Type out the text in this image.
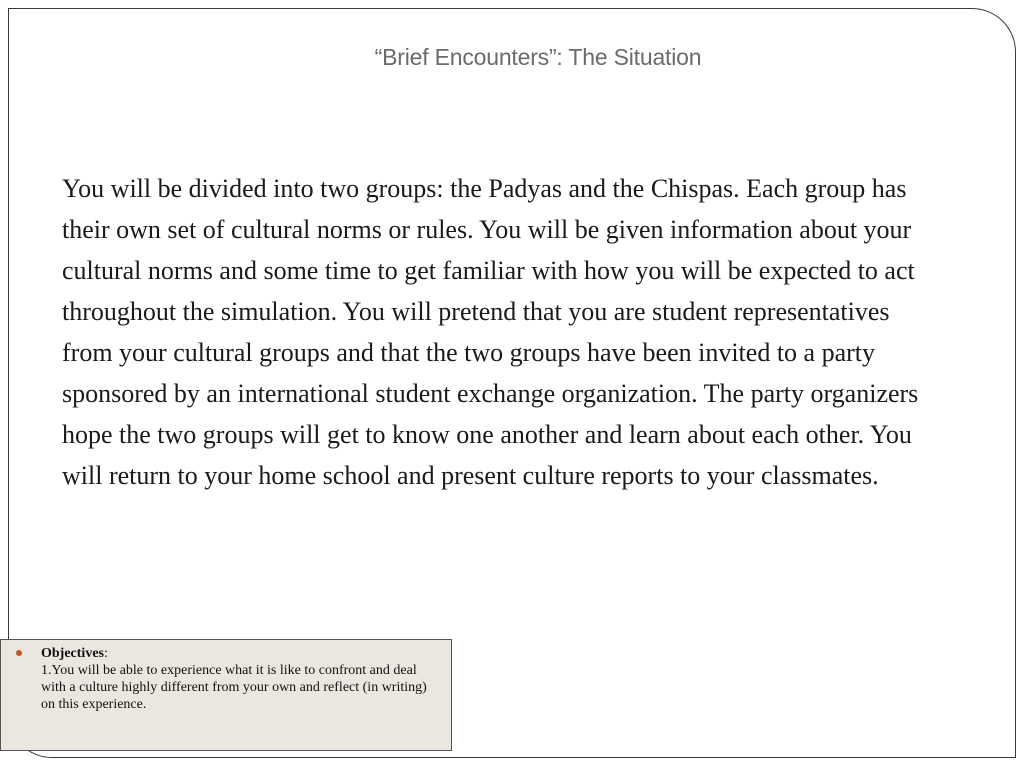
“Brief Encounters”: The Situation

You will be divided into two groups: the Padyas and the Chispas. Each group has their own set of cultural norms or rules. You will be given information about your cultural norms and some time to get familiar with how you will be expected to act throughout the simulation. You will pretend that you are student representatives from your cultural groups and that the two groups have been invited to a party sponsored by an international student exchange organization. The party organizers hope the two groups will get to know one another and learn about each other. You will return to your home school and present culture reports to your classmates.

Objectives:
1.You will be able to experience what it is like to confront and deal with a culture highly different from your own and reflect (in writing) on this experience.
